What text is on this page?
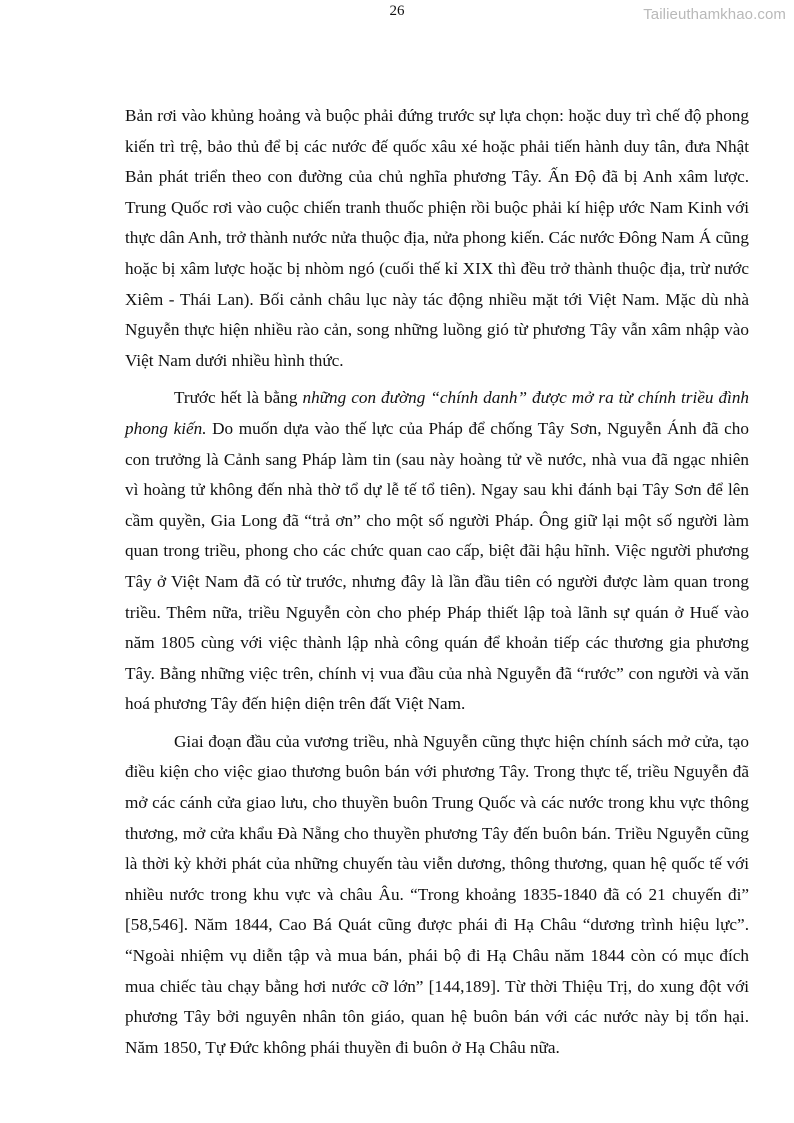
26	Tailieuthamkhao.com

Bản rơi vào khủng hoảng và buộc phải đứng trước sự lựa chọn: hoặc duy trì chế độ phong kiến trì trệ, bảo thủ để bị các nước đế quốc xâu xé hoặc phải tiến hành duy tân, đưa Nhật Bản phát triển theo con đường của chủ nghĩa phương Tây. Ấn Độ đã bị Anh xâm lược. Trung Quốc rơi vào cuộc chiến tranh thuốc phiện rồi buộc phải kí hiệp ước Nam Kinh với thực dân Anh, trở thành nước nửa thuộc địa, nửa phong kiến. Các nước Đông Nam Á cũng hoặc bị xâm lược hoặc bị nhòm ngó (cuối thế kỉ XIX thì đều trở thành thuộc địa, trừ nước Xiêm - Thái Lan). Bối cảnh châu lục này tác động nhiều mặt tới Việt Nam. Mặc dù nhà Nguyễn thực hiện nhiều rào cản, song những luồng gió từ phương Tây vẫn xâm nhập vào Việt Nam dưới nhiều hình thức.

Trước hết là bằng những con đường “chính danh” được mở ra từ chính triều đình phong kiến. Do muốn dựa vào thế lực của Pháp để chống Tây Sơn, Nguyễn Ánh đã cho con trưởng là Cảnh sang Pháp làm tin (sau này hoàng tử về nước, nhà vua đã ngạc nhiên vì hoàng tử không đến nhà thờ tổ dự lễ tế tổ tiên). Ngay sau khi đánh bại Tây Sơn để lên cầm quyền, Gia Long đã “trả ơn” cho một số người Pháp. Ông giữ lại một số người làm quan trong triều, phong cho các chức quan cao cấp, biệt đãi hậu hĩnh. Việc người phương Tây ở Việt Nam đã có từ trước, nhưng đây là lần đầu tiên có người được làm quan trong triều. Thêm nữa, triều Nguyễn còn cho phép Pháp thiết lập toà lãnh sự quán ở Huế vào năm 1805 cùng với việc thành lập nhà công quán để khoản tiếp các thương gia phương Tây. Bằng những việc trên, chính vị vua đầu của nhà Nguyễn đã “rước” con người và văn hoá phương Tây đến hiện diện trên đất Việt Nam.

Giai đoạn đầu của vương triều, nhà Nguyễn cũng thực hiện chính sách mở cửa, tạo điều kiện cho việc giao thương buôn bán với phương Tây. Trong thực tế, triều Nguyễn đã mở các cánh cửa giao lưu, cho thuyền buôn Trung Quốc và các nước trong khu vực thông thương, mở cửa khẩu Đà Nẵng cho thuyền phương Tây đến buôn bán. Triều Nguyễn cũng là thời kỳ khởi phát của những chuyến tàu viễn dương, thông thương, quan hệ quốc tế với nhiều nước trong khu vực và châu Âu. “Trong khoảng 1835-1840 đã có 21 chuyến đi” [58,546]. Năm 1844, Cao Bá Quát cũng được phái đi Hạ Châu “dương trình hiệu lực”. “Ngoài nhiệm vụ diễn tập và mua bán, phái bộ đi Hạ Châu năm 1844 còn có mục đích mua chiếc tàu chạy bằng hơi nước cỡ lớn” [144,189]. Từ thời Thiệu Trị, do xung đột với phương Tây bởi nguyên nhân tôn giáo, quan hệ buôn bán với các nước này bị tổn hại. Năm 1850, Tự Đức không phái thuyền đi buôn ở Hạ Châu nữa.
